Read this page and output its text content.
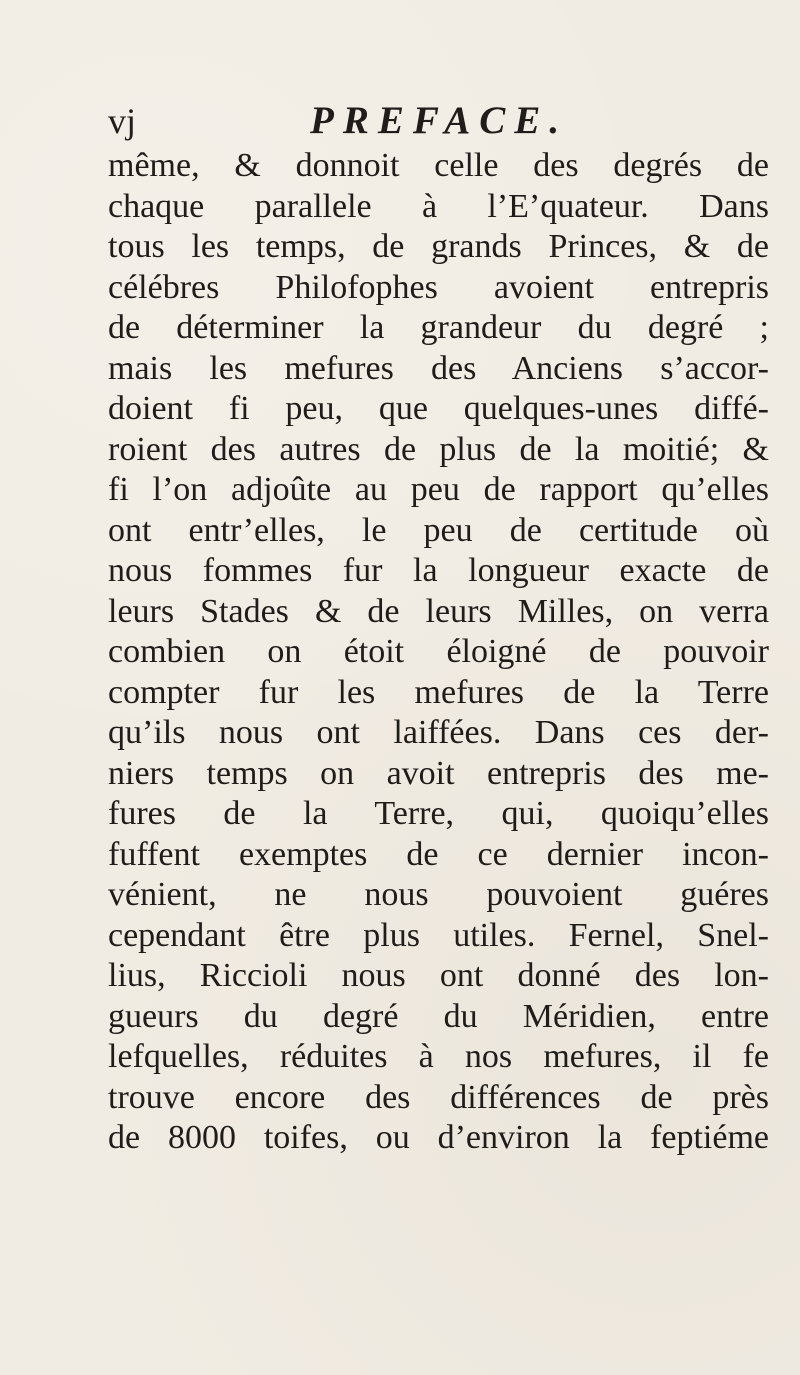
vj	PREFACE.
même, & donnoit celle des degrés de
chaque parallele à l’E’quateur. Dans
tous les temps, de grands Princes, & de
célébres Philofophes avoient entrepris
de déterminer la grandeur du degré ;
mais les mefures des Anciens s’accor-
doient fi peu, que quelques-unes diffé-
roient des autres de plus de la moitié; &
fi l’on adjoûte au peu de rapport qu’elles
ont entr’elles, le peu de certitude où
nous fommes fur la longueur exacte de
leurs Stades & de leurs Milles, on verra
combien on étoit éloigné de pouvoir
compter fur les mefures de la Terre
qu’ils nous ont laiffées. Dans ces der-
niers temps on avoit entrepris des me-
fures de la Terre, qui, quoiqu’elles
fuffent exemptes de ce dernier incon-
vénient, ne nous pouvoient guéres
cependant être plus utiles. Fernel, Snel-
lius, Riccioli nous ont donné des lon-
gueurs du degré du Méridien, entre
lefquelles, réduites à nos mefures, il fe
trouve encore des différences de près
de 8000 toifes, ou d’environ la feptiéme
